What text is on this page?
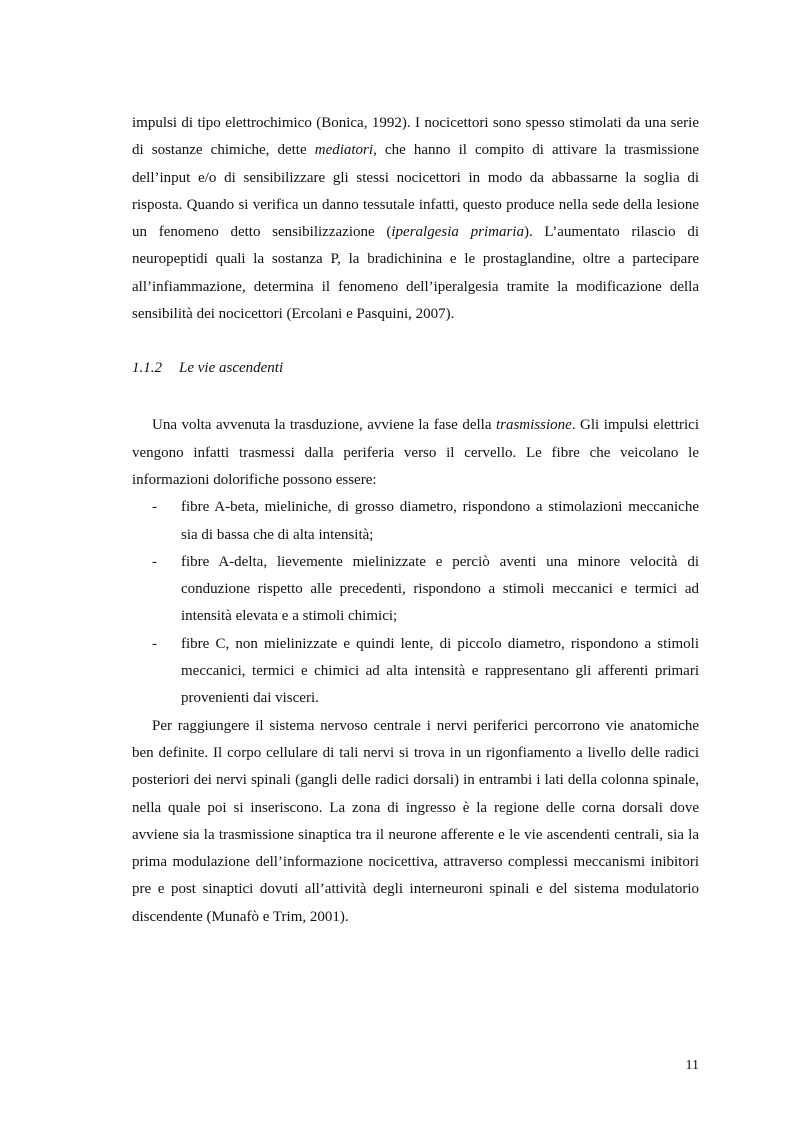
impulsi di tipo elettrochimico (Bonica, 1992). I nocicettori sono spesso stimolati da una serie di sostanze chimiche, dette mediatori, che hanno il compito di attivare la trasmissione dell’input e/o di sensibilizzare gli stessi nocicettori in modo da abbassarne la soglia di risposta. Quando si verifica un danno tessutale infatti, questo produce nella sede della lesione un fenomeno detto sensibilizzazione (iperalgesia primaria). L’aumentato rilascio di neuropeptidi quali la sostanza P, la bradichinina e le prostaglandine, oltre a partecipare all’infiammazione, determina il fenomeno dell’iperalgesia tramite la modificazione della sensibilità dei nocicettori (Ercolani e Pasquini, 2007).

1.1.2 Le vie ascendenti

Una volta avvenuta la trasduzione, avviene la fase della trasmissione. Gli impulsi elettrici vengono infatti trasmessi dalla periferia verso il cervello. Le fibre che veicolano le informazioni dolorifiche possono essere:

- fibre A-beta, mieliniche, di grosso diametro, rispondono a stimolazioni meccaniche sia di bassa che di alta intensità;
- fibre A-delta, lievemente mielinizzate e perciò aventi una minore velocità di conduzione rispetto alle precedenti, rispondono a stimoli meccanici e termici ad intensità elevata e a stimoli chimici;
- fibre C, non mielinizzate e quindi lente, di piccolo diametro, rispondono a stimoli meccanici, termici e chimici ad alta intensità e rappresentano gli afferenti primari provenienti dai visceri.

Per raggiungere il sistema nervoso centrale i nervi periferici percorrono vie anatomiche ben definite. Il corpo cellulare di tali nervi si trova in un rigonfiamento a livello delle radici posteriori dei nervi spinali (gangli delle radici dorsali) in entrambi i lati della colonna spinale, nella quale poi si inseriscono. La zona di ingresso è la regione delle corna dorsali dove avviene sia la trasmissione sinaptica tra il neurone afferente e le vie ascendenti centrali, sia la prima modulazione dell’informazione nocicettiva, attraverso complessi meccanismi inibitori pre e post sinaptici dovuti all’attività degli interneuroni spinali e del sistema modulatorio discendente (Munafò e Trim, 2001).

11
